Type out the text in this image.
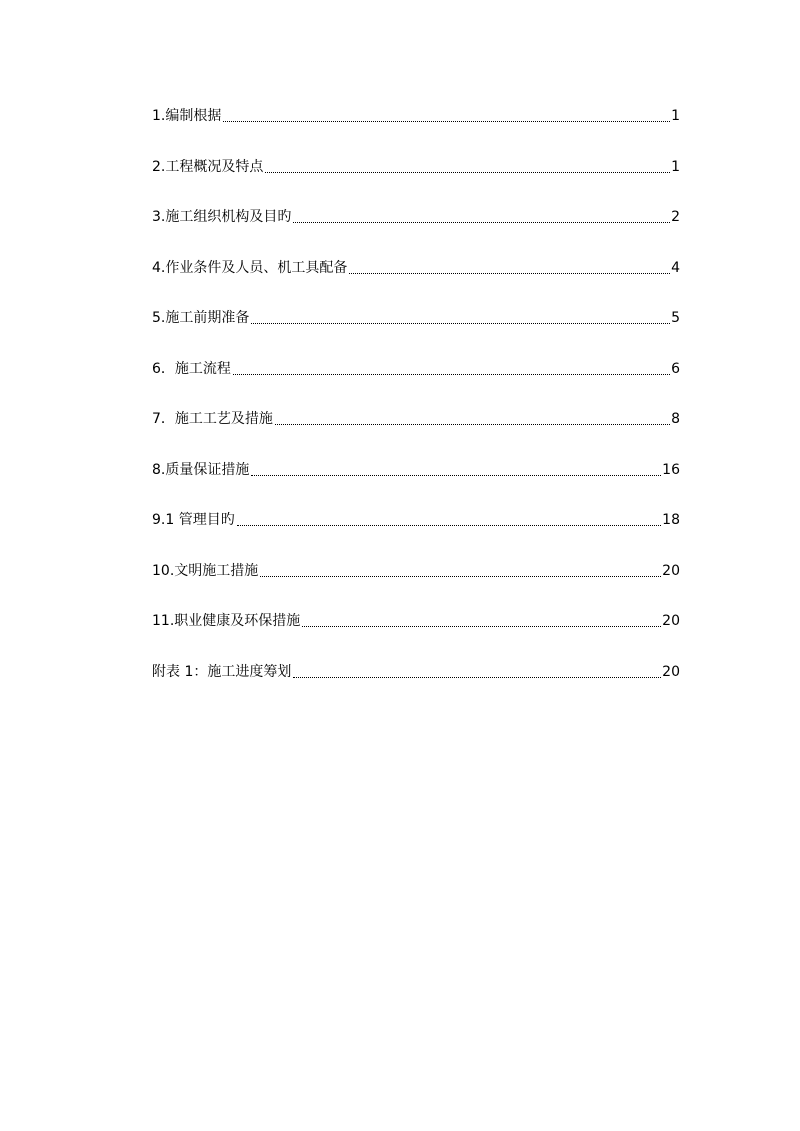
1.编制根据	1
2.工程概况及特点	1
3.施工组织机构及目旳	2
4.作业条件及人员、机工具配备	4
5.施工前期准备	5
6．施工流程	6
7．施工工艺及措施	8
8.质量保证措施	16
9.1 管理目旳	18
10.文明施工措施	20
11.职业健康及环保措施	20
附表 1：施工进度筹划	20
